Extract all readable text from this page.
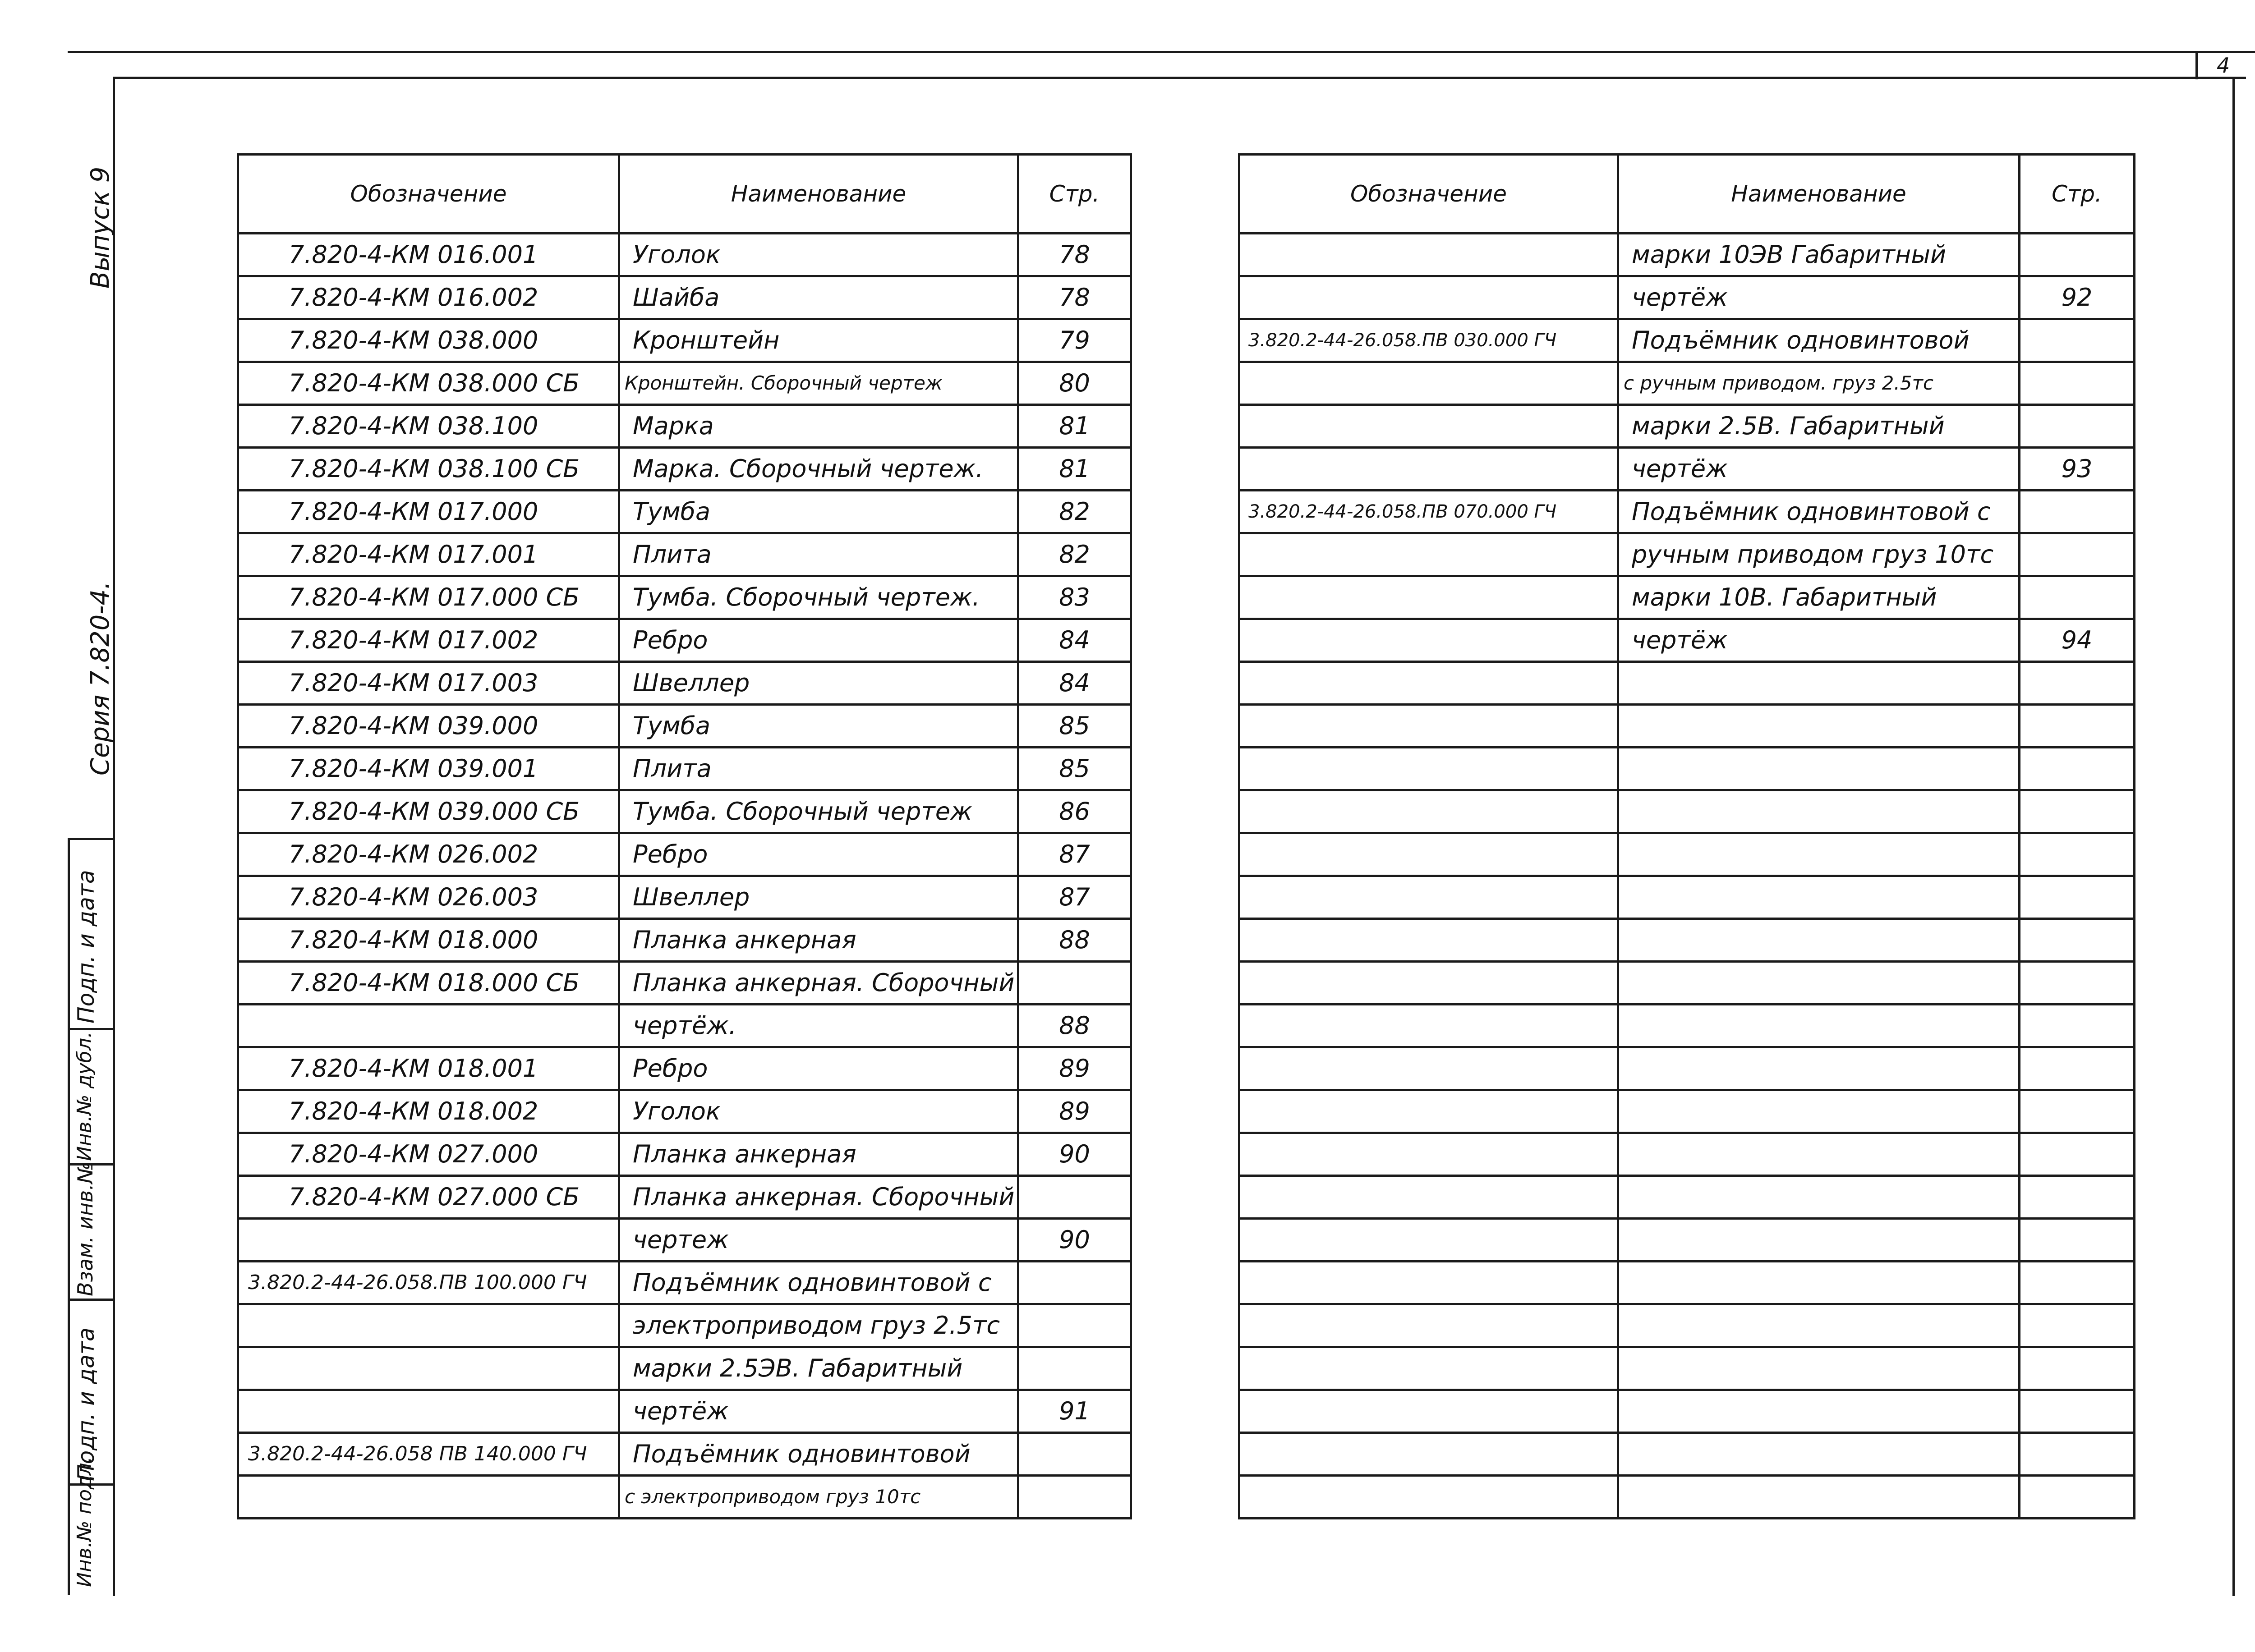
4
Выпуск 9
Серия 7.820-4.
Подп. и дата
Инв.№ дубл.
Взам. инв.№
Подп. и дата
Инв.№ подл.
Обозначение	Наименование	Стр.
7.820-4-КМ 016.001	Уголок	78
7.820-4-КМ 016.002	Шайба	78
7.820-4-КМ 038.000	Кронштейн	79
7.820-4-КМ 038.000 СБ	Кронштейн. Сборочный чертеж	80
7.820-4-КМ 038.100	Марка	81
7.820-4-КМ 038.100 СБ	Марка. Сборочный чертеж.	81
7.820-4-КМ 017.000	Тумба	82
7.820-4-КМ 017.001	Плита	82
7.820-4-КМ 017.000 СБ	Тумба. Сборочный чертеж.	83
7.820-4-КМ 017.002	Ребро	84
7.820-4-КМ 017.003	Швеллер	84
7.820-4-КМ 039.000	Тумба	85
7.820-4-КМ 039.001	Плита	85
7.820-4-КМ 039.000 СБ	Тумба. Сборочный чертеж	86
7.820-4-КМ 026.002	Ребро	87
7.820-4-КМ 026.003	Швеллер	87
7.820-4-КМ 018.000	Планка анкерная	88
7.820-4-КМ 018.000 СБ	Планка анкерная. Сборочный	
	чертёж.	88
7.820-4-КМ 018.001	Ребро	89
7.820-4-КМ 018.002	Уголок	89
7.820-4-КМ 027.000	Планка анкерная	90
7.820-4-КМ 027.000 СБ	Планка анкерная. Сборочный	
	чертеж	90
3.820.2-44-26.058.ПВ 100.000 ГЧ	Подъёмник одновинтовой с	
	электроприводом груз 2.5тс	
	марки 2.5ЭВ. Габаритный	
	чертёж	91
3.820.2-44-26.058 ПВ 140.000 ГЧ	Подъёмник одновинтовой	
	с электроприводом груз 10тс	
Обозначение	Наименование	Стр.
	марки 10ЭВ Габаритный	
	чертёж	92
3.820.2-44-26.058.ПВ 030.000 ГЧ	Подъёмник одновинтовой	
	с ручным приводом. груз 2.5тс	
	марки 2.5В. Габаритный	
	чертёж	93
3.820.2-44-26.058.ПВ 070.000 ГЧ	Подъёмник одновинтовой с	
	ручным приводом груз 10тс	
	марки 10В. Габаритный	
	чертёж	94
